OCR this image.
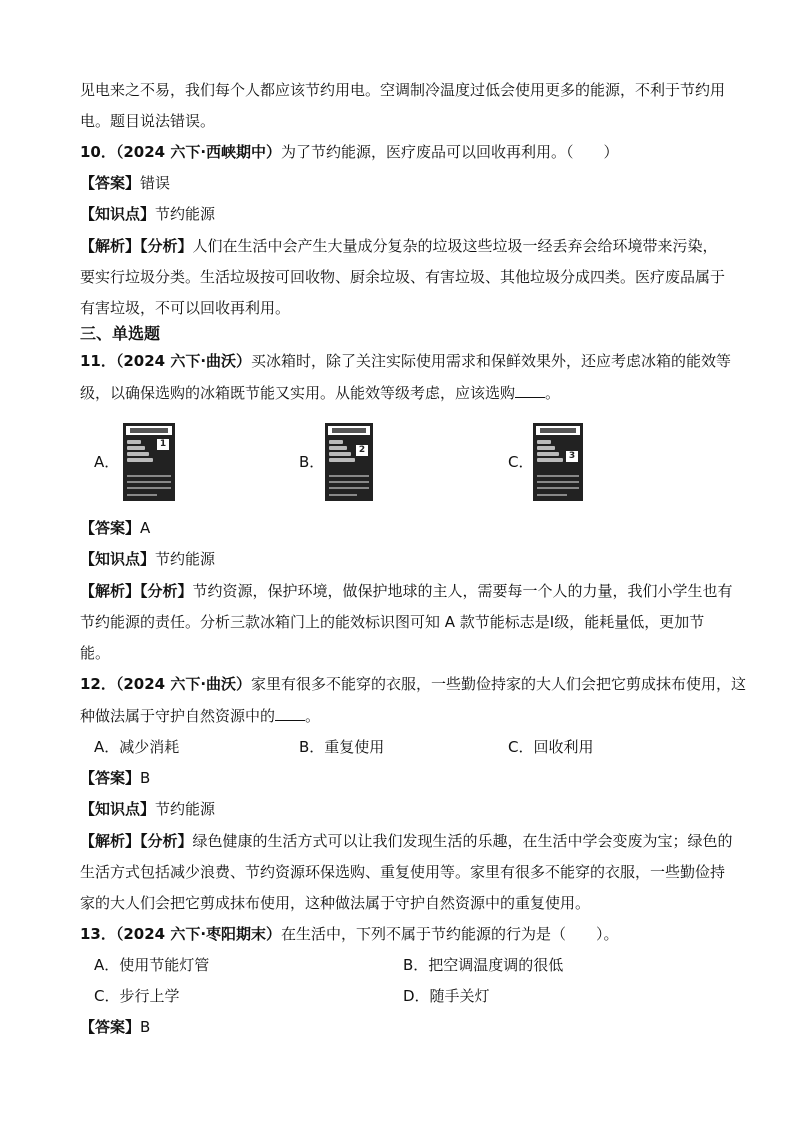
见电来之不易，我们每个人都应该节约用电。空调制冷温度过低会使用更多的能源，不利于节约用
电。题目说法错误。
10．（2024 六下·西峡期中）为了节约能源，医疗废品可以回收再利用。（　　）
【答案】错误
【知识点】节约能源
【解析】【分析】人们在生活中会产生大量成分复杂的垃圾这些垃圾一经丢弃会给环境带来污染，
要实行垃圾分类。生活垃圾按可回收物、厨余垃圾、有害垃圾、其他垃圾分成四类。医疗废品属于
有害垃圾，不可以回收再利用。
三、单选题
11．（2024 六下·曲沃）买冰箱时，除了关注实际使用需求和保鲜效果外，还应考虑冰箱的能效等
级，以确保选购的冰箱既节能又实用。从能效等级考虑，应该选购 。
A．
1
B．
2
C．	3
【答案】A
【知识点】节约能源
【解析】【分析】节约资源，保护环境，做保护地球的主人，需要每一个人的力量，我们小学生也有
节约能源的责任。分析三款冰箱门上的能效标识图可知 A 款节能标志是Ⅰ级，能耗量低，更加节
能。
12．（2024 六下·曲沃）家里有很多不能穿的衣服，一些勤俭持家的大人们会把它剪成抹布使用，这
种做法属于守护自然资源中的 。
A．减少消耗	B．重复使用	C．回收利用
【答案】B
【知识点】节约能源
【解析】【分析】绿色健康的生活方式可以让我们发现生活的乐趣，在生活中学会变废为宝；绿色的
生活方式包括减少浪费、节约资源环保选购、重复使用等。家里有很多不能穿的衣服，一些勤俭持
家的大人们会把它剪成抹布使用，这种做法属于守护自然资源中的重复使用。
13．（2024 六下·枣阳期末）在生活中，下列不属于节约能源的行为是（　　）。
A．使用节能灯管	B．把空调温度调的很低
C．步行上学	D．随手关灯
【答案】B
